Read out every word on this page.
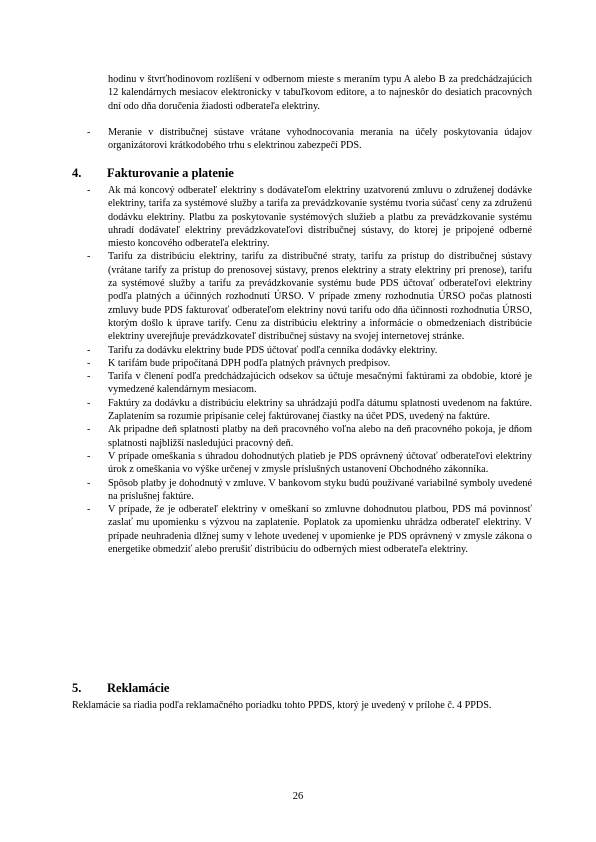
hodinu v štvrťhodinovom rozlíšení v odbernom mieste s meraním typu A alebo B za predchádzajúcich 12 kalendárnych mesiacov elektronicky v tabuľkovom editore, a to najneskôr do desiatich pracovných dní odo dňa doručenia žiadosti odberateľa elektriny.
- Meranie v distribučnej sústave vrátane vyhodnocovania merania na účely poskytovania údajov organizátorovi krátkodobého trhu s elektrinou zabezpečí PDS.
4. Fakturovanie a platenie
- Ak má koncový odberateľ elektriny s dodávateľom elektriny uzatvorenú zmluvu o združenej dodávke elektriny, tarifa za systémové služby a tarifa za prevádzkovanie systému tvoria súčasť ceny za združenú dodávku elektriny. Platbu za poskytovanie systémových služieb a platbu za prevádzkovanie systému uhradí dodávateľ elektriny prevádzkovateľovi distribučnej sústavy, do ktorej je pripojené odberné miesto koncového odberateľa elektriny.
- Tarifu za distribúciu elektriny, tarifu za distribučné straty, tarifu za prístup do distribučnej sústavy (vrátane tarify za prístup do prenosovej sústavy, prenos elektriny a straty elektriny pri prenose), tarifu za systémové služby a tarifu za prevádzkovanie systému bude PDS účtovať odberateľovi elektriny podľa platných a účinných rozhodnutí ÚRSO. V prípade zmeny rozhodnutia ÚRSO počas platnosti zmluvy bude PDS fakturovať odberateľom elektriny novú tarifu odo dňa účinnosti rozhodnutia ÚRSO, ktorým došlo k úprave tarify. Cenu za distribúciu elektriny a informácie o obmedzeniach distribúcie elektriny uverejňuje prevádzkovateľ distribučnej sústavy na svojej internetovej stránke.
- Tarifu za dodávku elektriny bude PDS účtovať podľa cenníka dodávky elektriny.
- K tarifám bude pripočítaná DPH podľa platných právnych predpisov.
- Tarifa v členení podľa predchádzajúcich odsekov sa účtuje mesačnými faktúrami za obdobie, ktoré je vymedzené kalendárnym mesiacom.
- Faktúry za dodávku a distribúciu elektriny sa uhrádzajú podľa dátumu splatnosti uvedenom na faktúre. Zaplatením sa rozumie pripísanie celej faktúrovanej čiastky na účet PDS, uvedený na faktúre.
- Ak pripadne deň splatnosti platby na deň pracovného voľna alebo na deň pracovného pokoja, je dňom splatnosti najbližší nasledujúci pracovný deň.
- V prípade omeškania s úhradou dohodnutých platieb je PDS oprávnený účtovať odberateľovi elektriny úrok z omeškania vo výške určenej v zmysle príslušných ustanovení Obchodného zákonníka.
- Spôsob platby je dohodnutý v zmluve. V bankovom styku budú používané variabilné symboly uvedené na príslušnej faktúre.
- V prípade, že je odberateľ elektriny v omeškaní so zmluvne dohodnutou platbou, PDS má povinnosť zaslať mu upomienku s výzvou na zaplatenie. Poplatok za upomienku uhrádza odberateľ elektriny. V prípade neuhradenia dlžnej sumy v lehote uvedenej v upomienke je PDS oprávnený v zmysle zákona o energetike obmedziť alebo prerušiť distribúciu do odberných miest odberateľa elektriny.
5. Reklamácie
Reklamácie sa riadia podľa reklamačného poriadku tohto PPDS, ktorý je uvedený v prílohe č. 4 PPDS.
26
